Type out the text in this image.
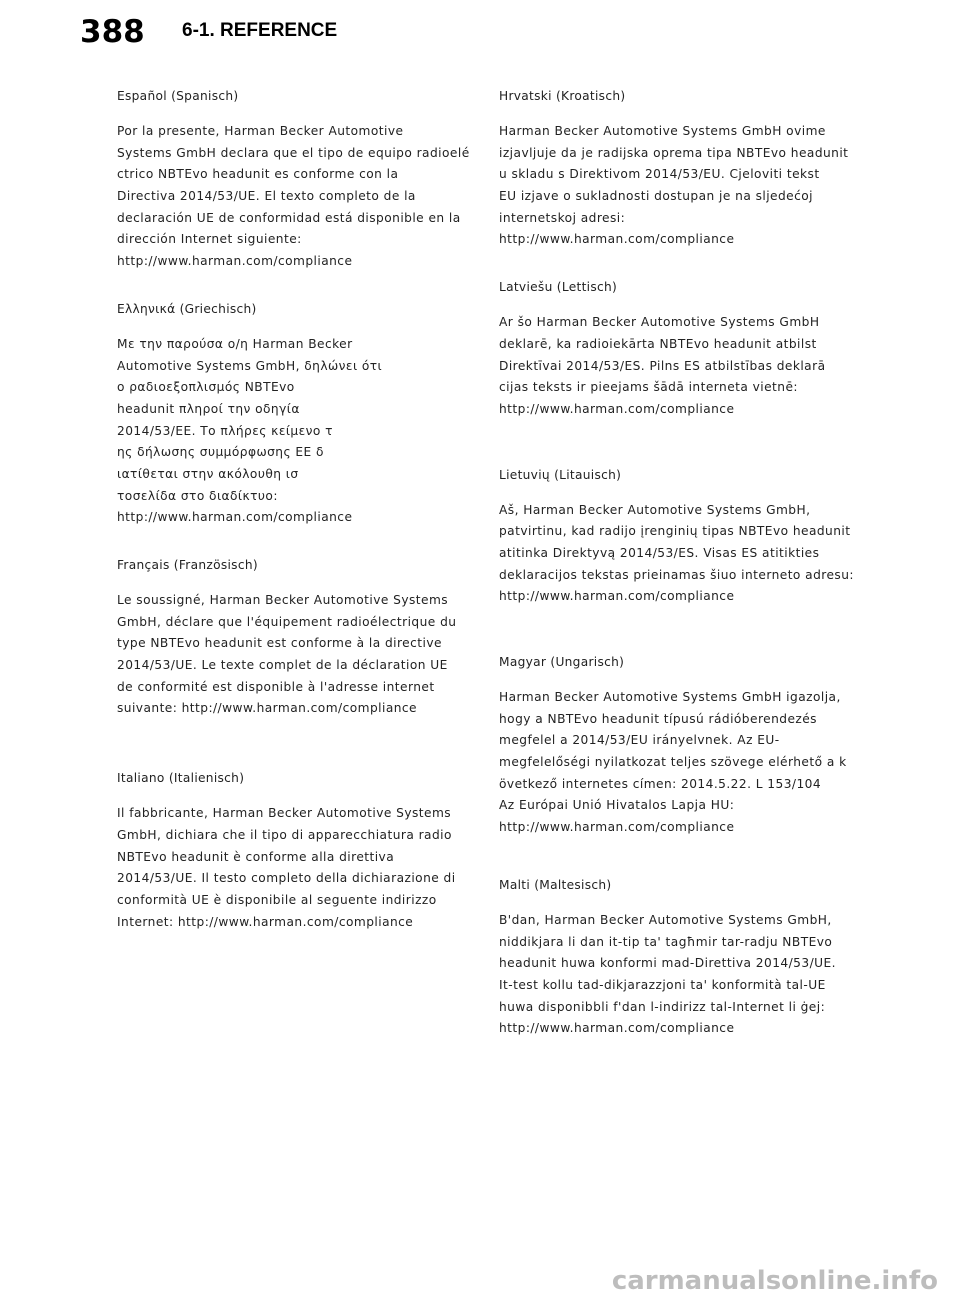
388 6-1. REFERENCE
Español (Spanisch)
Por la presente, Harman Becker Automotive
Systems GmbH declara que el tipo de equipo radioelé
ctrico NBTEvo headunit es conforme con la
Directiva 2014/53/UE. El texto completo de la
declaración UE de conformidad está disponible en la
dirección Internet siguiente:
http://www.harman.com/compliance
Ελληνικά (Griechisch)
Με την παρούσα ο/η Harman Becker
Automotive Systems GmbH, δηλώνει ότι
ο ραδιοεξοπλισμός NBTEvo
headunit πληροί την οδηγία
2014/53/ΕΕ. Το πλήρες κείμενο τ
ης δήλωσης συμμόρφωσης ΕΕ δ
ιατίθεται στην ακόλουθη ισ
τοσελίδα στο διαδίκτυο:
http://www.harman.com/compliance
Français (Französisch)
Le soussigné, Harman Becker Automotive Systems
GmbH, déclare que l'équipement radioélectrique du
type NBTEvo headunit est conforme à la directive
2014/53/UE. Le texte complet de la déclaration UE
de conformité est disponible à l'adresse internet
suivante: http://www.harman.com/compliance
Italiano (Italienisch)
Il fabbricante, Harman Becker Automotive Systems
GmbH, dichiara che il tipo di apparecchiatura radio
NBTEvo headunit è conforme alla direttiva
2014/53/UE. Il testo completo della dichiarazione di
conformità UE è disponibile al seguente indirizzo
Internet: http://www.harman.com/compliance
Hrvatski (Kroatisch)
Harman Becker Automotive Systems GmbH ovime
izjavljuje da je radijska oprema tipa NBTEvo headunit
u skladu s Direktivom 2014/53/EU. Cjeloviti tekst
EU izjave o sukladnosti dostupan je na sljedećoj
internetskoj adresi:
http://www.harman.com/compliance
Latviešu (Lettisch)
Ar šo Harman Becker Automotive Systems GmbH
deklarē, ka radioiekārta NBTEvo headunit atbilst
Direktīvai 2014/53/ES. Pilns ES atbilstības deklarā
cijas teksts ir pieejams šādā interneta vietnē:
http://www.harman.com/compliance
Lietuvių (Litauisch)
Aš, Harman Becker Automotive Systems GmbH,
patvirtinu, kad radijo įrenginių tipas NBTEvo headunit
atitinka Direktyvą 2014/53/ES. Visas ES atitikties
deklaracijos tekstas prieinamas šiuo interneto adresu:
http://www.harman.com/compliance
Magyar (Ungarisch)
Harman Becker Automotive Systems GmbH igazolja,
hogy a NBTEvo headunit típusú rádióberendezés
megfelel a 2014/53/EU irányelvnek. Az EU-
megfelelőségi nyilatkozat teljes szövege elérhető a k
övetkező internetes címen: 2014.5.22. L 153/104
Az Európai Unió Hivatalos Lapja HU:
http://www.harman.com/compliance
Malti (Maltesisch)
B'dan, Harman Becker Automotive Systems GmbH,
niddikjara li dan it-tip ta' tagħmir tar-radju NBTEvo
headunit huwa konformi mad-Direttiva 2014/53/UE.
It-test kollu tad-dikjarazzjoni ta' konformità tal-UE
huwa disponibbli f'dan l-indirizz tal-Internet li ġej:
http://www.harman.com/compliance
carmanualsonline.info
